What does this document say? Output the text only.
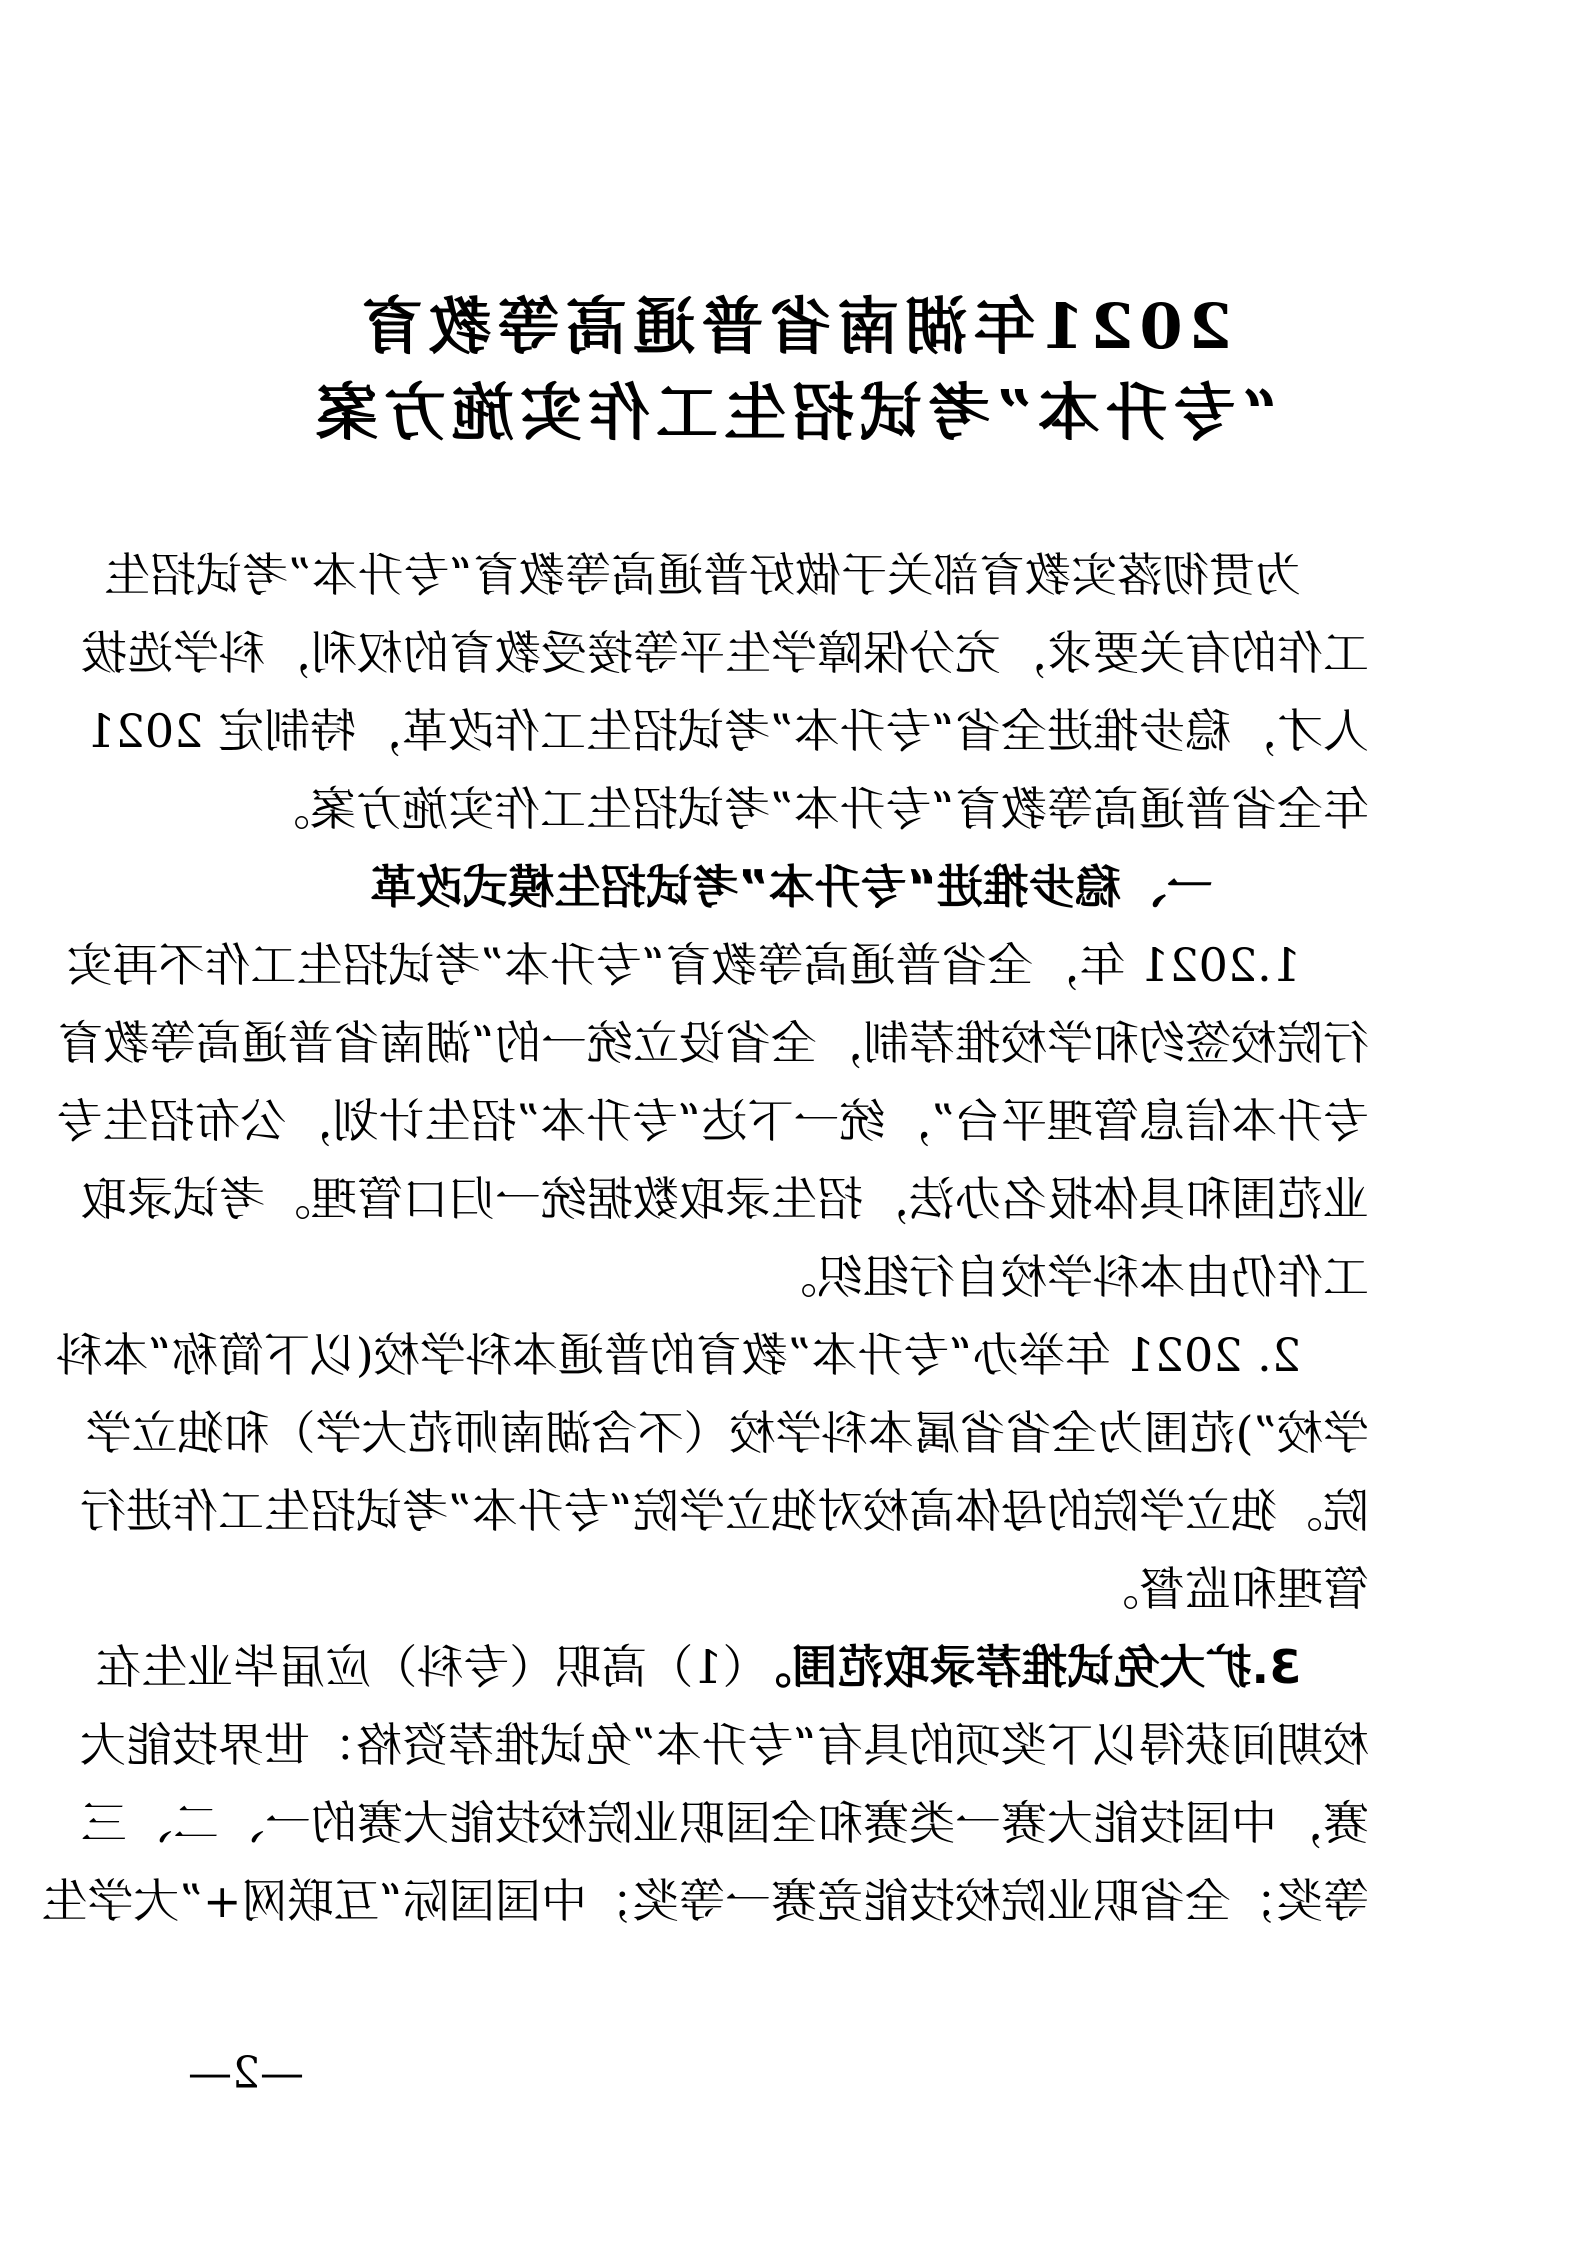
2021年湖南省普通高等教育
“专升本”考试招生工作实施方案
为贯彻落实教育部关于做好普通高等教育“专升本”考试招生
工作的有关要求，充分保障学生平等接受教育的权利，科学选拔
人才，稳步推进全省“专升本”考试招生工作改革，特制定 2021
年全省普通高等教育“专升本”考试招生工作实施方案。
一、稳步推进“专升本”考试招生模式改革
1.2021 年，全省普通高等教育“专升本”考试招生工作不再实
行院校签约和学校推荐制，全省设立统一的“湖南省普通高等教育
专升本信息管理平台”，统一下达“专升本”招生计划，公布招生专
业范围和具体报名办法，招生录取数据统一归口管理。考试录取
工作仍由本科学校自行组织。
2. 2021 年举办“专升本”教育的普通本科学校(以下简称“本科
学校”)范围为全省省属本科学校（不含湖南师范大学）和独立学
院。独立学院的母体高校对独立学院“专升本”考试招生工作进行
管理和监督。
3.扩大免试推荐录取范围。（1）高职（专科）应届毕业生在
校期间获得以下奖项的具有“专升本”免试推荐资格：世界技能大
赛，中国技能大赛一类赛和全国职业院校技能大赛的一、二、三
等奖；全省职业院校技能竞赛一等奖；中国国际“互联网+”大学生
—2—
